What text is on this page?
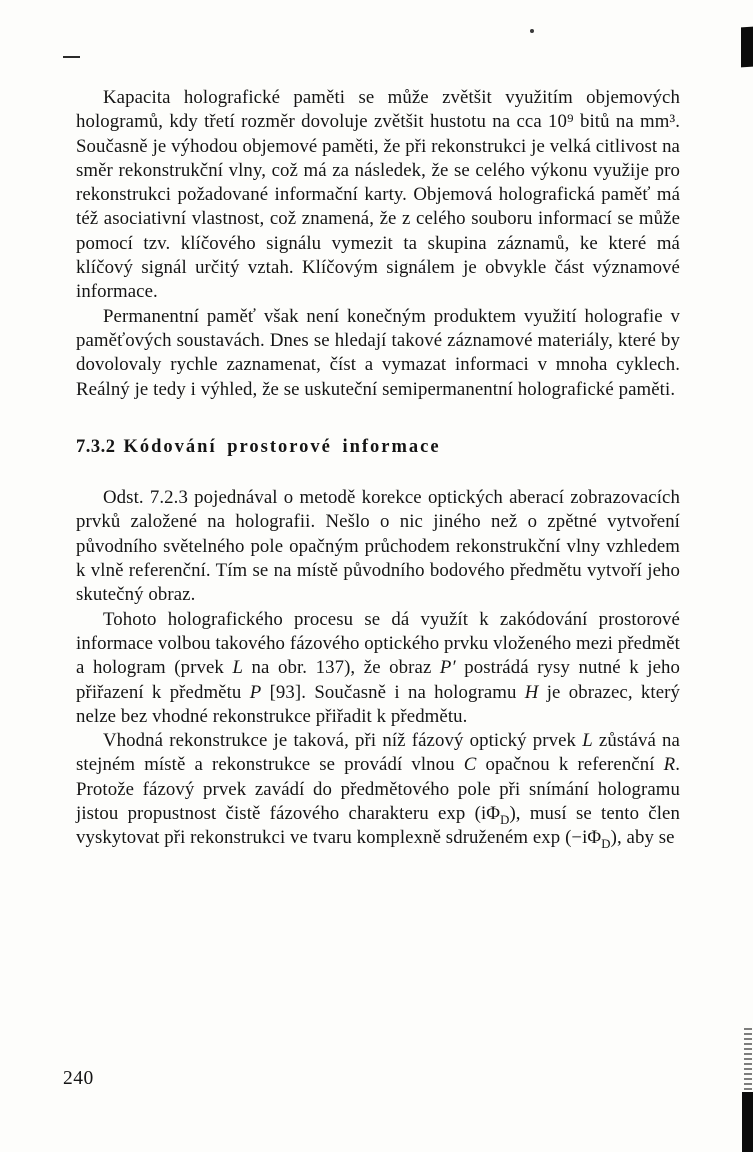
Kapacita holografické paměti se může zvětšit využitím objemových hologramů, kdy třetí rozměr dovoluje zvětšit hustotu na cca 10⁹ bitů na mm³. Současně je výhodou objemové paměti, že při rekonstrukci je velká citlivost na směr rekonstrukční vlny, což má za následek, že se celého výkonu využije pro rekonstrukci požadované informační karty. Objemová holografická paměť má též asociativní vlastnost, což znamená, že z celého souboru informací se může pomocí tzv. klíčového signálu vymezit ta skupina záznamů, ke které má klíčový signál určitý vztah. Klíčovým signálem je obvykle část významové informace.

Permanentní paměť však není konečným produktem využití holografie v paměťových soustavách. Dnes se hledají takové záznamové materiály, které by dovolovaly rychle zaznamenat, číst a vymazat informaci v mnoha cyklech. Reálný je tedy i výhled, že se uskuteční semipermanentní holografické paměti.

7.3.2 Kódování prostorové informace

Odst. 7.2.3 pojednával o metodě korekce optických aberací zobrazovacích prvků založené na holografii. Nešlo o nic jiného než o zpětné vytvoření původního světelného pole opačným průchodem rekonstrukční vlny vzhledem k vlně referenční. Tím se na místě původního bodového předmětu vytvoří jeho skutečný obraz.

Tohoto holografického procesu se dá využít k zakódování prostorové informace volbou takového fázového optického prvku vloženého mezi předmět a hologram (prvek L na obr. 137), že obraz P′ postrádá rysy nutné k jeho přiřazení k předmětu P [93]. Současně i na hologramu H je obrazec, který nelze bez vhodné rekonstrukce přiřadit k předmětu.

Vhodná rekonstrukce je taková, při níž fázový optický prvek L zůstává na stejném místě a rekonstrukce se provádí vlnou C opačnou k referenční R. Protože fázový prvek zavádí do předmětového pole při snímání hologramu jistou propustnost čistě fázového charakteru $\exp (i\Phi_D)$, musí se tento člen vyskytovat při rekonstrukci ve tvaru komplexně sdruženém $\exp (-i\Phi_D)$, aby se

240
